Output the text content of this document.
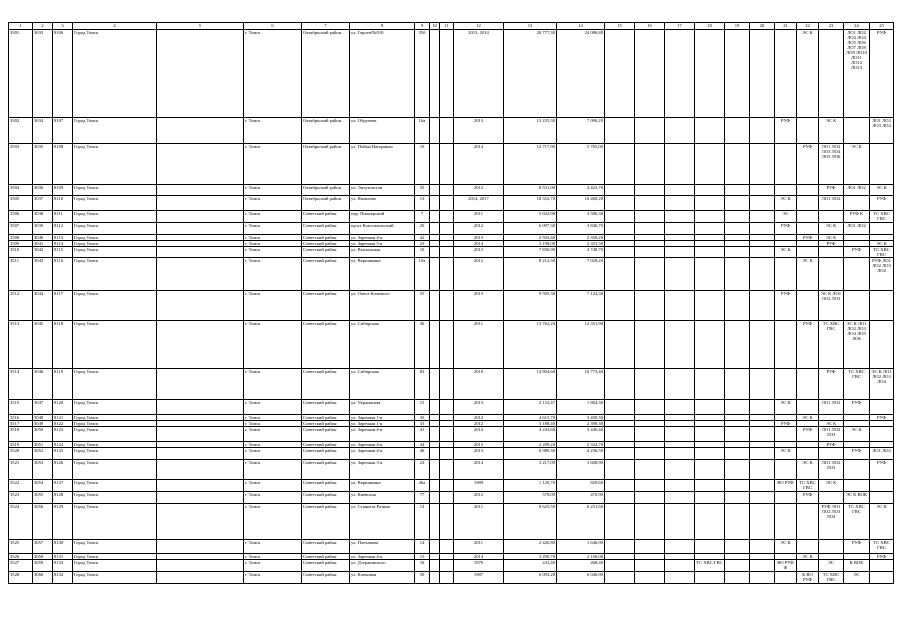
1	2	3	4	5	6	7	8	9	10	11	12	13	14	15	16	17	18	19	20	21	22	23	24	25
3501	3033	8106	Город Томск		г. Томск	Октябрьский район	ул. Героев/№010	35б			2013, 2014	20 777,30	24 086,80								ЭС К		ЛО1 ЛО2 ЛО3 ЛО4 ЛО5 ЛО6 ЛО7 ЛО8 ЛО9 ЛО10 ЛО11 ЛО12 ЛО13	РУФ
3502	3034	8107	Город Томск		г. Томск	Октябрьский район	ул. Обручева	16а			2013	13 235,30	7 096,20							РУФ		ЭС К		ЛО1 ЛО2 ЛО3 ЛО4
3503	3035	8108	Город Томск		г. Томск	Октябрьский район	ул. Пойма Нагорника	10			2014	12 717,90	5 765,00								РУФ	ЛО1 ЛО2 ЛО3 ЛО4 ЛО5 ЛО6	ЭС К	
3504	3036	8109	Город Томск		г. Томск	Октябрьский район	ул. Энтузиастов	35			2013	8 531,00	4 423,70									РУФ	ЛО1 ЛО2	ЭС К
3505	3037	8110	Город Томск		г. Томск	Октябрьский район	ул. Яковлева	13			2014, 2017	18 352,70	16 468,20							ЭС К		ЛО1 ЛО2		РУФ
3506	3038	8111	Город Томск		г. Томск	Советский район	пер. Пионерский	7			2011	5 022,90	3 586,30							ЭС			РУФ К	ТС ХВС ГВС
3507	3039	8112	Город Томск		г. Томск	Советский район	пр-кт Комсомольский	20			2012	6 097,30	3 846,70							РУФ		ЭС К	ЛО1 ЛО2	
3508	3040	8113	Город Томск		г. Томск	Советский район	ул. Заречная 4-я	42			2013	2 503,40	2 358,20								РУФ	ЭС К		
3509	3041	8114	Город Томск		г. Томск	Советский район	ул. Заречная 5-я	23			2014	3 198,00	2 353,50									РУФ		ЭС К
3510	3042	8115	Город Томск		г. Томск	Советский район	ул. Вокзальная	10			2013	7 836,90	4 748,70							ЭС К			РУФ	ТС ХВС ГВС
3511	3043	8116	Город Томск		г. Томск	Советский район	ул. Вершинина	10а			2012	8 212,30	7 028,20								ЭС К			РУФ ЛО1 ЛО2 ЛО3 ЛО4
3512	3044	8117	Город Томск		г. Томск	Советский район	ул. Олега Кошевого	55			2013	9 595,30	7 124,30							РУФ		ЭС К ЛО1 ЛО2 ЛО3		
3513	3045	8118	Город Томск		г. Томск	Советский район	ул. Сибирская	36			2011	13 762,20	12 351,90								РУФ	ТС ХВС ГВС	ЭС К ЛО1 ЛО2 ЛО3 ЛО4 ЛО5 ЛО6	
3514	3046	8119	Город Томск		г. Томск	Советский район	ул. Сибирская	83			2010	14 804,60	10 773,40									РУФ	ТС ХВС ГВС	ЭС К ЛО1 ЛО2 ЛО3 ЛО4
3515	3047	8120	Город Томск		г. Томск	Советский район	ул. Украинская	15			2013	2 152,47	1 864,30							ЭС К		ЛО1 ЛО2	РУФ	
3516	3048	8121	Город Томск		г. Томск	Советский район	ул. Заречная 1-я	35			2012	4 615,70	3 450,50								ЭС К			РУФ
3517	3049	8122	Город Томск		г. Томск	Советский район	ул. Заречная 1-я	33			2012	3 188,40	2 398,30							РУФ		ЭС К		
3518	3050	8123	Город Томск		г. Томск	Советский район	ул. Заречная 4-я	41			2014	4 243,60	3 440,40								РУФ	ЛО1 ЛО2 ЛО3	ЭС К	
3519	3051	8124	Город Томск		г. Томск	Советский район	ул. Заречная 4-я	44			2013	2 209,20	2 334,70									РУФ		
3520	3052	8125	Город Томск		г. Томск	Советский район	ул. Заречная 4-я	46			2013	6 989,30	4 236,50							ЭС К			РУФ	ЛО1 ЛО2
3521	3053	8126	Город Томск		г. Томск	Советский район	ул. Заречная 3-я	23			2014	3 217,00	3 608,90								ЭС К	ЛО1 ЛО2 ЛО3		РУФ
3522	3054	8127	Город Томск		г. Томск	Советский район	ул. Вершинина	46а			1989	1 120,70	829,60							ВО РУФ	ТС ХВС ГВС	ЭС К		
3523	3055	8128	Город Томск		г. Томск	Советский район	ул. Киевская	77			2012	579,00	470,90								РУФ		ЭС К ВОК	
3524	3056	8129	Город Томск		г. Томск	Советский район	ул. Станкеза Разина	14			2011	8 625,50	6 251,60									РУФ ЛО1 ЛО2 ЛО3 ЛО4	ТС ХВС ГВС	ЭС К
3525	3057	8130	Город Томск		г. Томск	Советский район	ул. Плеханова	14			2011	2 426,80	1 646,90							ЭС К			РУФ	ТС ХВС ГВС
3526	3058	8131	Город Томск		г. Томск	Советский район	ул. Заречная 4-я	15			2014	3 290,70	2 106,00								ЭС К			РУФ
3527	3059	8133	Город Томск		г. Томск	Советский район	ул. Дзержинского	16			1979	241,40	268,40				ТС ХВС ГВС			ВО РУФ Ф		ЭС	К ВОК	
3528	3060	8134	Город Томск		г. Томск	Советский район	ул. Кленовая	50			1987	6 093,20	6 046,90								К ВО РУФ	ТС ХВС ГВС	ЭС	
